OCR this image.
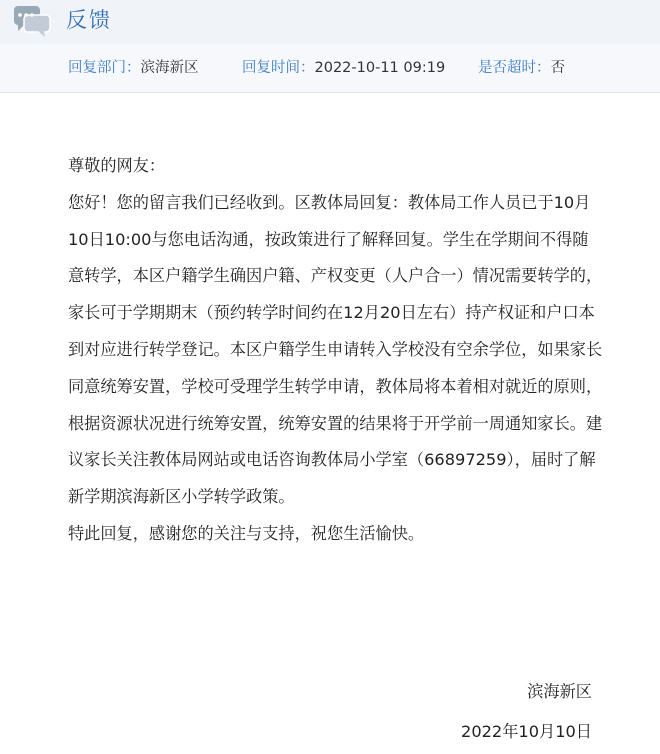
反馈
回复部门：滨海新区	回复时间：2022-10-11 09:19 是否超时：否

尊敬的网友：

您好！您的留言我们已经收到。区教体局回复：教体局工作人员已于10月10日10:00与您电话沟通，按政策进行了解释回复。学生在学期间不得随意转学，本区户籍学生确因户籍、产权变更（人户合一）情况需要转学的，家长可于学期期末（预约转学时间约在12月20日左右）持产权证和户口本到对应进行转学登记。本区户籍学生申请转入学校没有空余学位，如果家长同意统筹安置，学校可受理学生转学申请，教体局将本着相对就近的原则，根据资源状况进行统筹安置，统筹安置的结果将于开学前一周通知家长。建议家长关注教体局网站或电话咨询教体局小学室（66897259），届时了解新学期滨海新区小学转学政策。

特此回复，感谢您的关注与支持，祝您生活愉快。

滨海新区
2022年10月10日
